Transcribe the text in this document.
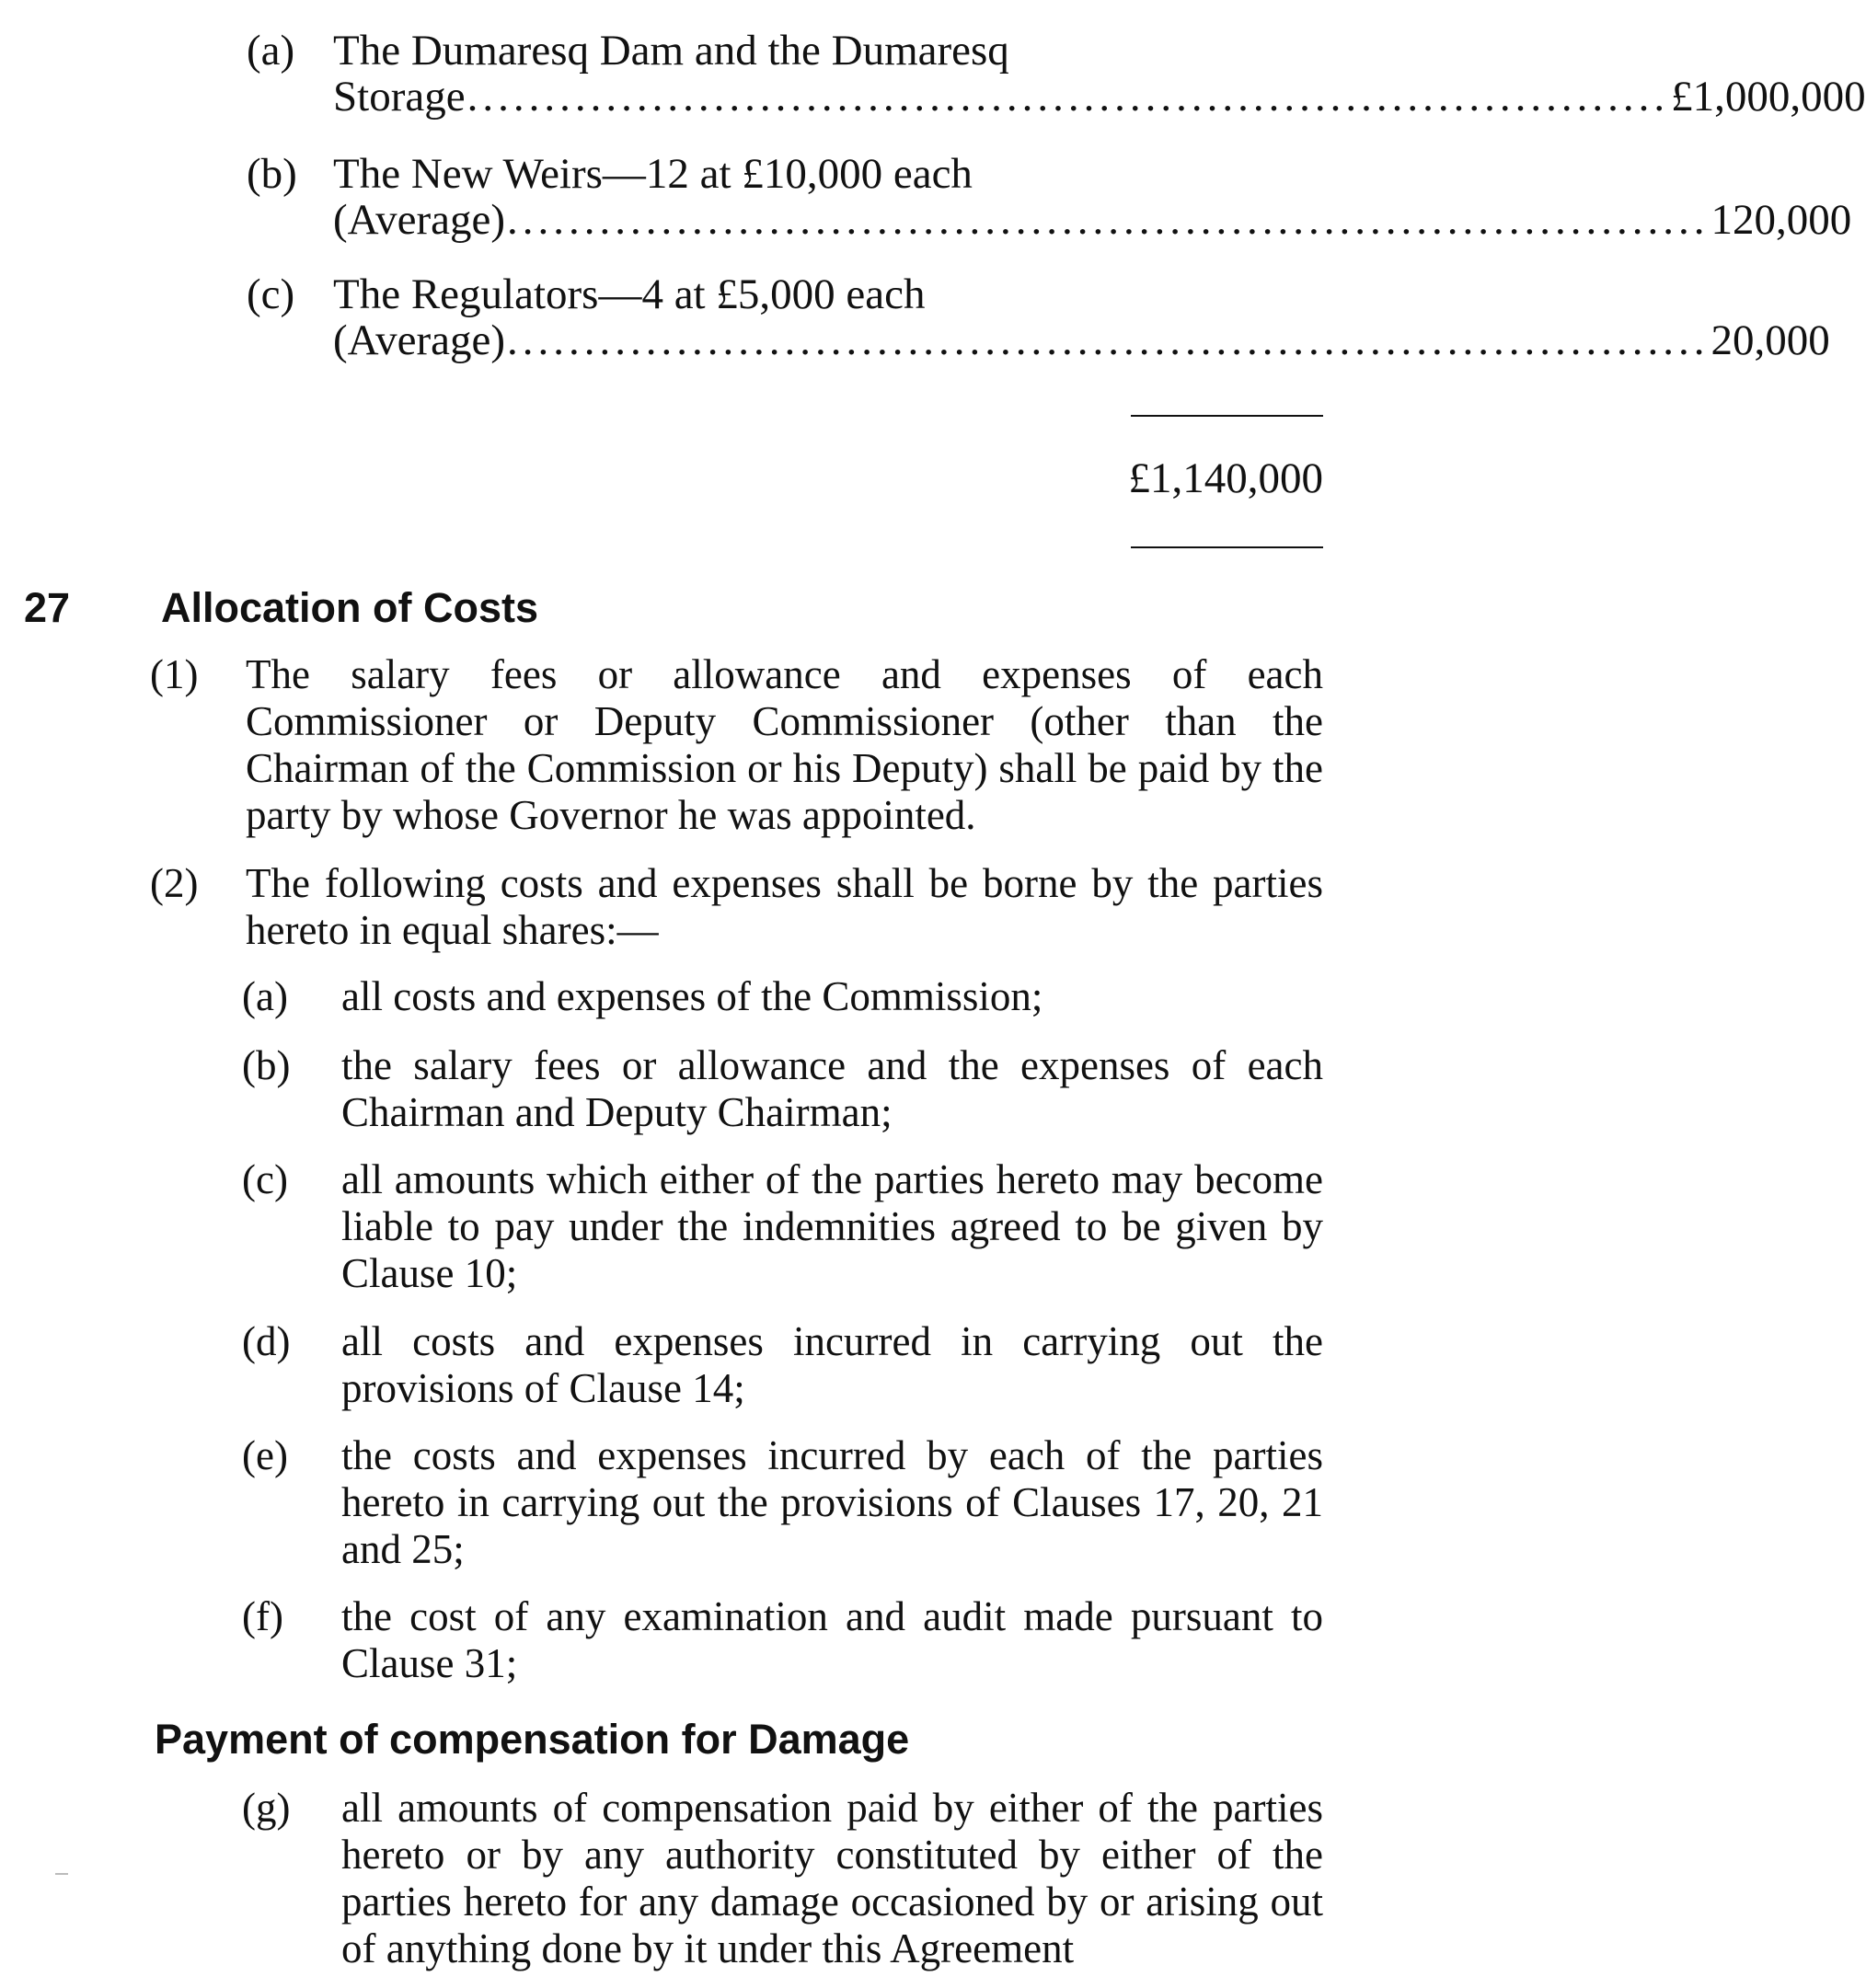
(a) The Dumaresq Dam and the Dumaresq
Storage .............................................................................. £1,000,000
(b) The New Weirs—12 at £10,000 each
(Average) .............................................................................. 120,000
(c) The Regulators—4 at £5,000 each
(Average) .............................................................................. 20,000
£1,140,000
27 Allocation of Costs
(1) The salary fees or allowance and expenses of each Commissioner or Deputy Commissioner (other than the Chairman of the Commission or his Deputy) shall be paid by the party by whose Governor he was appointed.
(2) The following costs and expenses shall be borne by the parties hereto in equal shares:—
(a) all costs and expenses of the Commission;
(b) the salary fees or allowance and the expenses of each Chairman and Deputy Chairman;
(c) all amounts which either of the parties hereto may become liable to pay under the indemnities agreed to be given by Clause 10;
(d) all costs and expenses incurred in carrying out the provisions of Clause 14;
(e) the costs and expenses incurred by each of the parties hereto in carrying out the provisions of Clauses 17, 20, 21 and 25;
(f) the cost of any examination and audit made pursuant to Clause 31;
Payment of compensation for Damage
(g) all amounts of compensation paid by either of the parties hereto or by any authority constituted by either of the parties hereto for any damage occasioned by or arising out of anything done by it under this Agreement
